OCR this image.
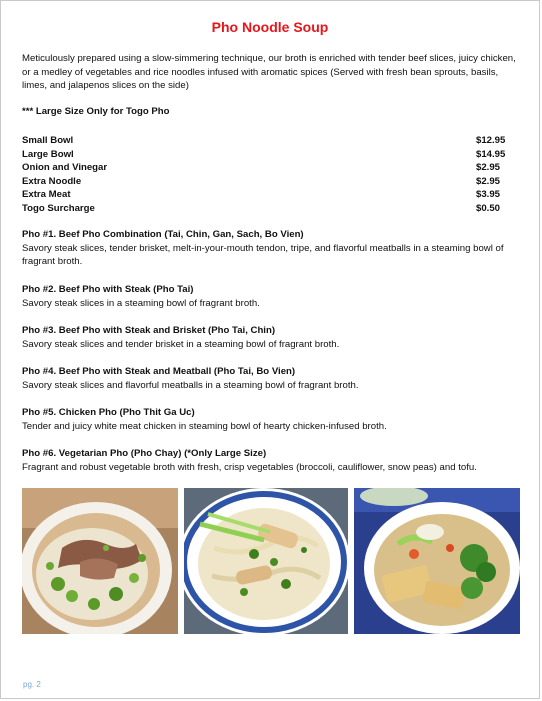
Pho Noodle Soup
Meticulously prepared using a slow-simmering technique, our broth is enriched with tender beef slices, juicy chicken, or a medley of vegetables and rice noodles infused with aromatic spices (Served with fresh bean sprouts, basils, limes, and jalapenos slices on the side)
*** Large Size Only for Togo Pho
Small Bowl	$12.95
Large Bowl	$14.95
Onion and Vinegar	$2.95
Extra Noodle	$2.95
Extra Meat	$3.95
Togo Surcharge	$0.50
Pho #1. Beef Pho Combination (Tai, Chin, Gan, Sach, Bo Vien)
Savory steak slices, tender brisket, melt-in-your-mouth tendon, tripe, and flavorful meatballs in a steaming bowl of fragrant broth.
Pho #2. Beef Pho with Steak (Pho Tai)
Savory steak slices in a steaming bowl of fragrant broth.
Pho #3. Beef Pho with Steak and Brisket (Pho Tai, Chin)
Savory steak slices and tender brisket in a steaming bowl of fragrant broth.
Pho #4. Beef Pho with Steak and Meatball (Pho Tai, Bo Vien)
Savory steak slices and flavorful meatballs in a steaming bowl of fragrant broth.
Pho #5. Chicken Pho (Pho Thit Ga Uc)
Tender and juicy white meat chicken in steaming bowl of hearty chicken-infused broth.
Pho #6. Vegetarian Pho (Pho Chay) (*Only Large Size)
Fragrant and robust vegetable broth with fresh, crisp vegetables (broccoli, cauliflower, snow peas) and tofu.
pg. 2
